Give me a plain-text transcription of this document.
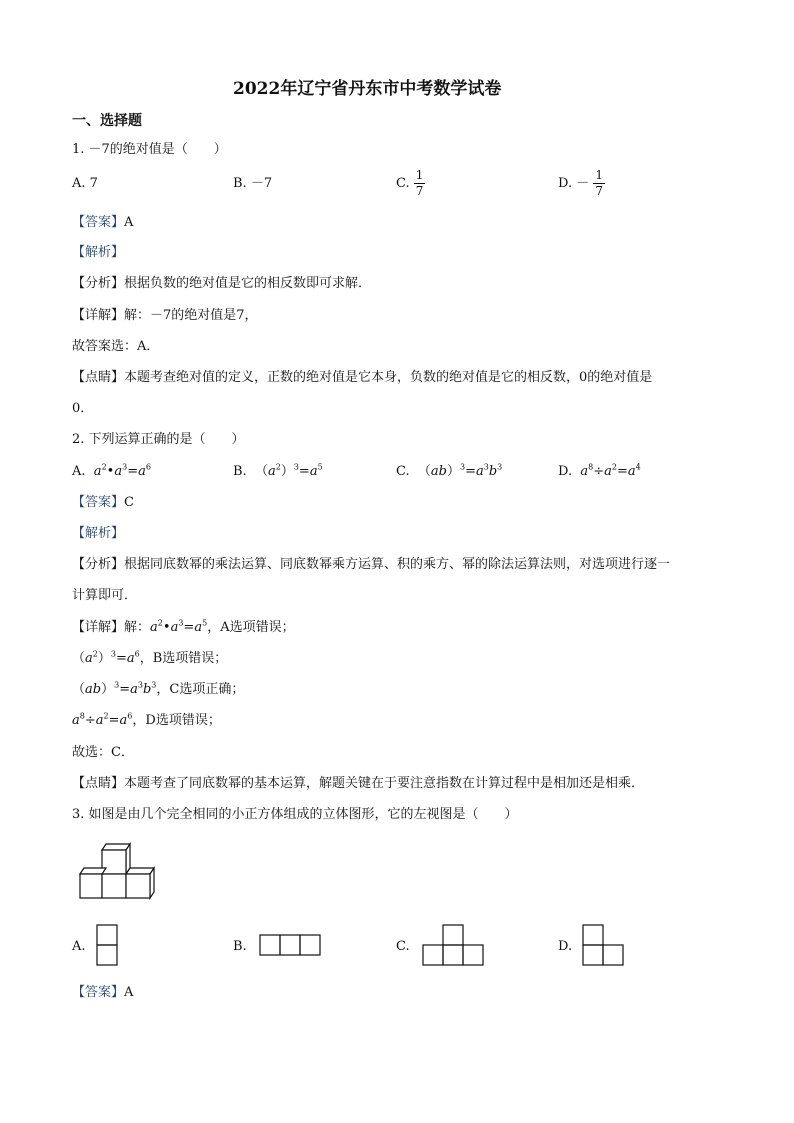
2022年辽宁省丹东市中考数学试卷
一、选择题
1. －7的绝对值是（　　）
A. 7	B. －7	C. $\frac{1}{7}$	D. － $\frac{1}{7}$
【答案】A
【解析】
【分析】根据负数的绝对值是它的相反数即可求解．
【详解】解：－7的绝对值是7，
故答案选：A．
【点睛】本题考查绝对值的定义，正数的绝对值是它本身，负数的绝对值是它的相反数，0的绝对值是
0．
2. 下列运算正确的是（　　）
A. $a^2•a^3=a^6$	B.  $(a^2)^3=a^5$	C.  $(ab)^3=a^3b^3$	D. $a^8\div a^2=a^4$
【答案】C
【解析】
【分析】根据同底数幂的乘法运算、同底数幂乘方运算、积的乘方、幂的除法运算法则，对选项进行逐一
计算即可．
【详解】解：$a^2•a^3=a^5$，A选项错误；
$(a^2)^3=a^6$，B选项错误；
$(ab)^3=a^3b^3$，C选项正确；
$a^8\div a^2=a^6$，D选项错误；
故选：C．
【点睛】本题考查了同底数幂的基本运算，解题关键在于要注意指数在计算过程中是相加还是相乘．
3. 如图是由几个完全相同的小正方体组成的立体图形，它的左视图是（　　）
A.	B.	C.	D.
【答案】A
